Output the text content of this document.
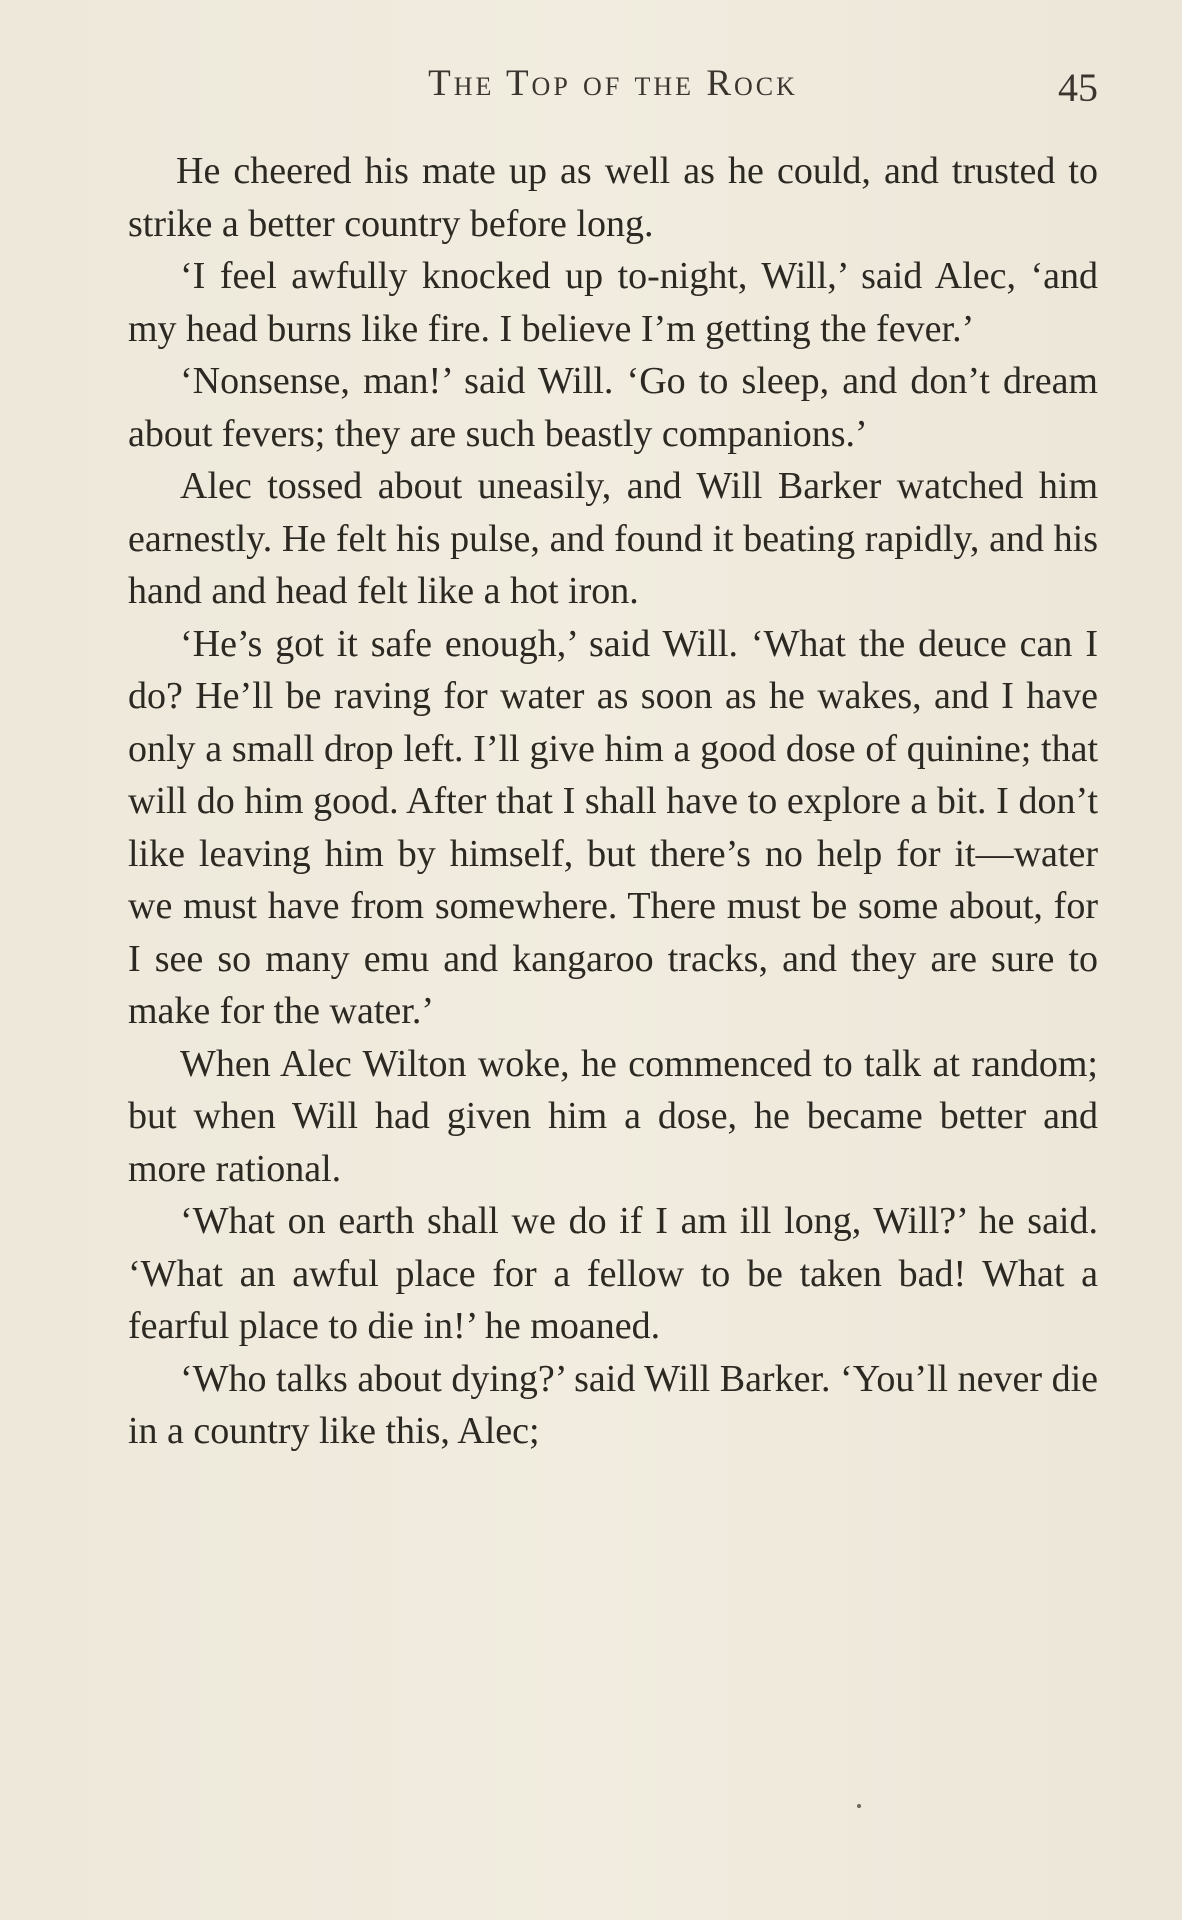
The Top of the Rock	45

He cheered his mate up as well as he could, and trusted to strike a better country before long.

‘I feel awfully knocked up to-night, Will,’ said Alec, ‘and my head burns like fire. I believe I’m getting the fever.’

‘Nonsense, man!’ said Will. ‘Go to sleep, and don’t dream about fevers; they are such beastly companions.’

Alec tossed about uneasily, and Will Barker watched him earnestly. He felt his pulse, and found it beating rapidly, and his hand and head felt like a hot iron.

‘He’s got it safe enough,’ said Will. ‘What the deuce can I do? He’ll be raving for water as soon as he wakes, and I have only a small drop left. I’ll give him a good dose of quinine; that will do him good. After that I shall have to explore a bit. I don’t like leaving him by himself, but there’s no help for it—water we must have from somewhere. There must be some about, for I see so many emu and kangaroo tracks, and they are sure to make for the water.’

When Alec Wilton woke, he commenced to talk at random; but when Will had given him a dose, he became better and more rational.

‘What on earth shall we do if I am ill long, Will?’ he said. ‘What an awful place for a fellow to be taken bad! What a fearful place to die in!’ he moaned.

‘Who talks about dying?’ said Will Barker. ‘You’ll never die in a country like this, Alec;
